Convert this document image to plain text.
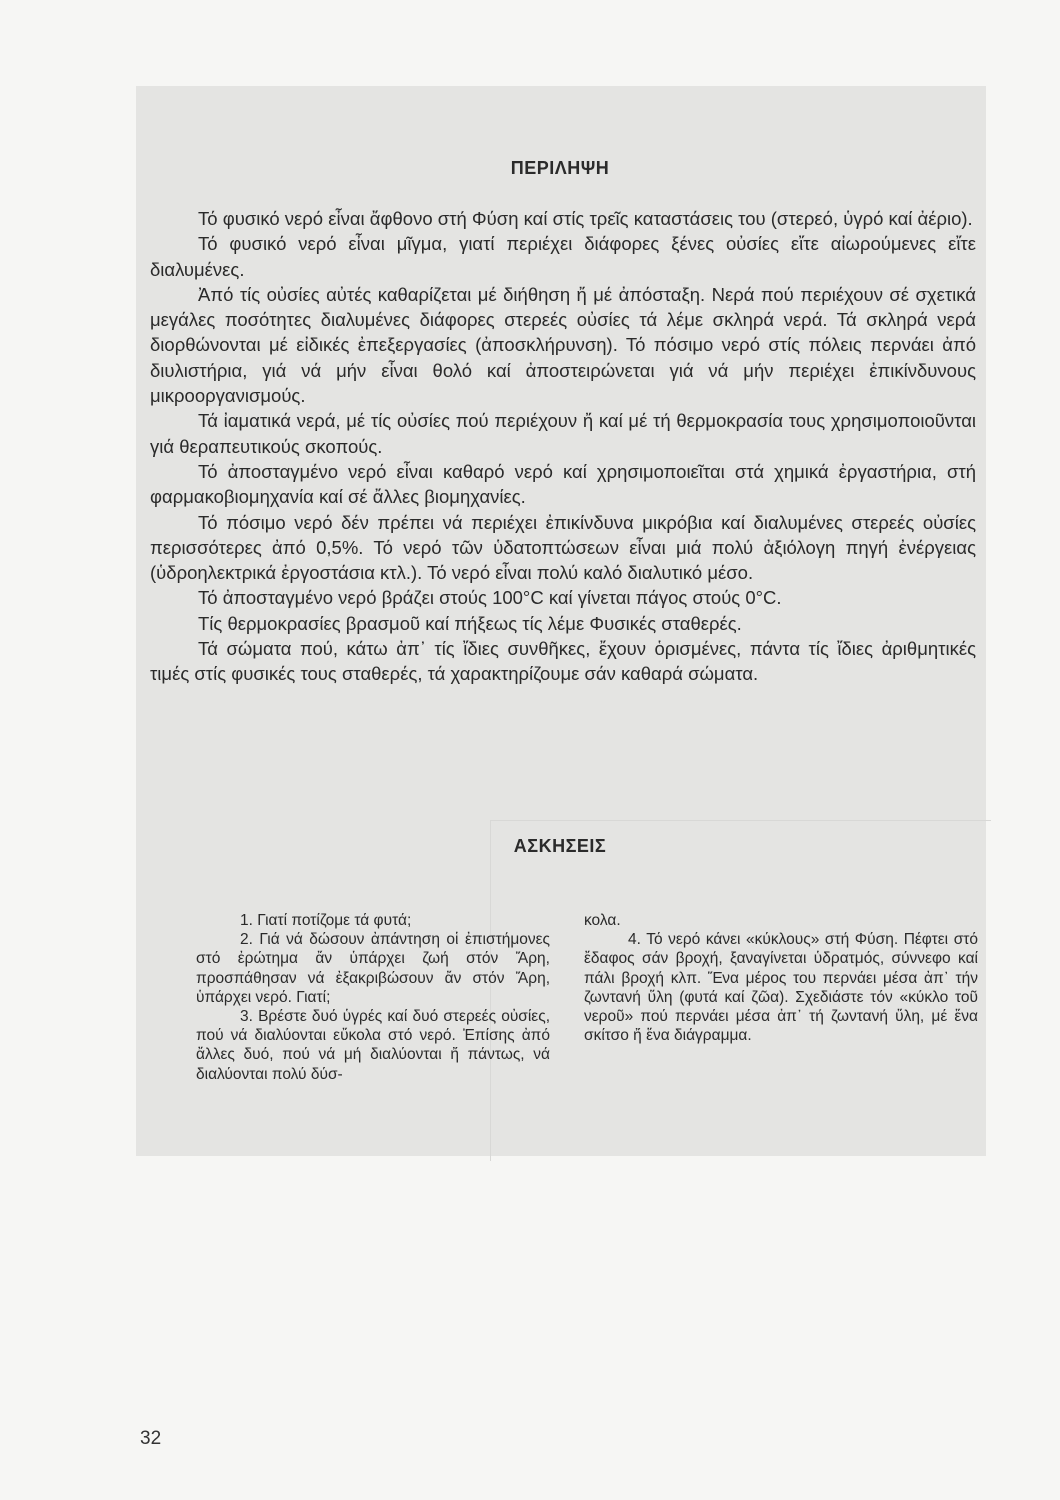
ΠΕΡΙΛΗΨΗ

Τό φυσικό νερό εἶναι ἄφθονο στή Φύση καί στίς τρεῖς καταστάσεις του (στερεό, ὑγρό καί ἀέριο).

Τό φυσικό νερό εἶναι μῖγμα, γιατί περιέχει διάφορες ξένες οὐσίες εἴτε αἰωρούμενες εἴτε διαλυμένες.

Ἀπό τίς οὐσίες αὐτές καθαρίζεται μέ διήθηση ἤ μέ ἀπόσταξη. Νερά πού περιέχουν σέ σχετικά μεγάλες ποσότητες διαλυμένες διάφορες στερεές οὐσίες τά λέμε σκληρά νερά. Τά σκληρά νερά διορθώνονται μέ εἰδικές ἐπεξεργασίες (ἀποσκλήρυνση). Τό πόσιμο νερό στίς πόλεις περνάει ἀπό διυλιστήρια, γιά νά μήν εἶναι θολό καί ἀποστειρώνεται γιά νά μήν περιέχει ἐπικίνδυνους μικροοργανισμούς.

Τά ἰαματικά νερά, μέ τίς οὐσίες πού περιέχουν ἤ καί μέ τή θερμοκρασία τους χρησιμοποιοῦνται γιά θεραπευτικούς σκοπούς.

Τό ἀποσταγμένο νερό εἶναι καθαρό νερό καί χρησιμοποιεῖται στά χημικά ἐργαστήρια, στή φαρμακοβιομηχανία καί σέ ἄλλες βιομηχανίες.

Τό πόσιμο νερό δέν πρέπει νά περιέχει ἐπικίνδυνα μικρόβια καί διαλυμένες στερεές οὐσίες περισσότερες ἀπό 0,5%. Τό νερό τῶν ὑδατοπτώσεων εἶναι μιά πολύ ἀξιόλογη πηγή ἐνέργειας (ὑδροηλεκτρικά ἐργοστάσια κτλ.). Τό νερό εἶναι πολύ καλό διαλυτικό μέσο.

Τό ἀποσταγμένο νερό βράζει στούς 100°C καί γίνεται πάγος στούς 0°C.

Τίς θερμοκρασίες βρασμοῦ καί πήξεως τίς λέμε Φυσικές σταθερές.

Τά σώματα πού, κάτω ἀπ᾽ τίς ἴδιες συνθῆκες, ἔχουν ὁρισμένες, πάντα τίς ἴδιες ἀριθμητικές τιμές στίς φυσικές τους σταθερές, τά χαρακτηρίζουμε σάν καθαρά σώματα.

ΑΣΚΗΣΕΙΣ

1. Γιατί ποτίζομε τά φυτά;

2. Γιά νά δώσουν ἀπάντηση οἱ ἐπιστήμονες στό ἐρώτημα ἄν ὑπάρχει ζωή στόν Ἄρη, προσπάθησαν νά ἐξακριβώσουν ἄν στόν Ἄρη, ὑπάρχει νερό. Γιατί;

3. Βρέστε δυό ὑγρές καί δυό στερεές οὐσίες, πού νά διαλύονται εὔκολα στό νερό. Ἐπίσης ἀπό ἄλλες δυό, πού νά μή διαλύονται ἤ πάντως, νά διαλύονται πολύ δύσ-

κολα.

4. Τό νερό κάνει «κύκλους» στή Φύση. Πέφτει στό ἔδαφος σάν βροχή, ξαναγίνεται ὑδρατμός, σύννεφο καί πάλι βροχή κλπ. Ἕνα μέρος του περνάει μέσα ἀπ᾽ τήν ζωντανή ὕλη (φυτά καί ζῶα). Σχεδιάστε τόν «κύκλο τοῦ νεροῦ» πού περνάει μέσα ἀπ᾽ τή ζωντανή ὕλη, μέ ἕνα σκίτσο ἤ ἕνα διάγραμμα.

32
